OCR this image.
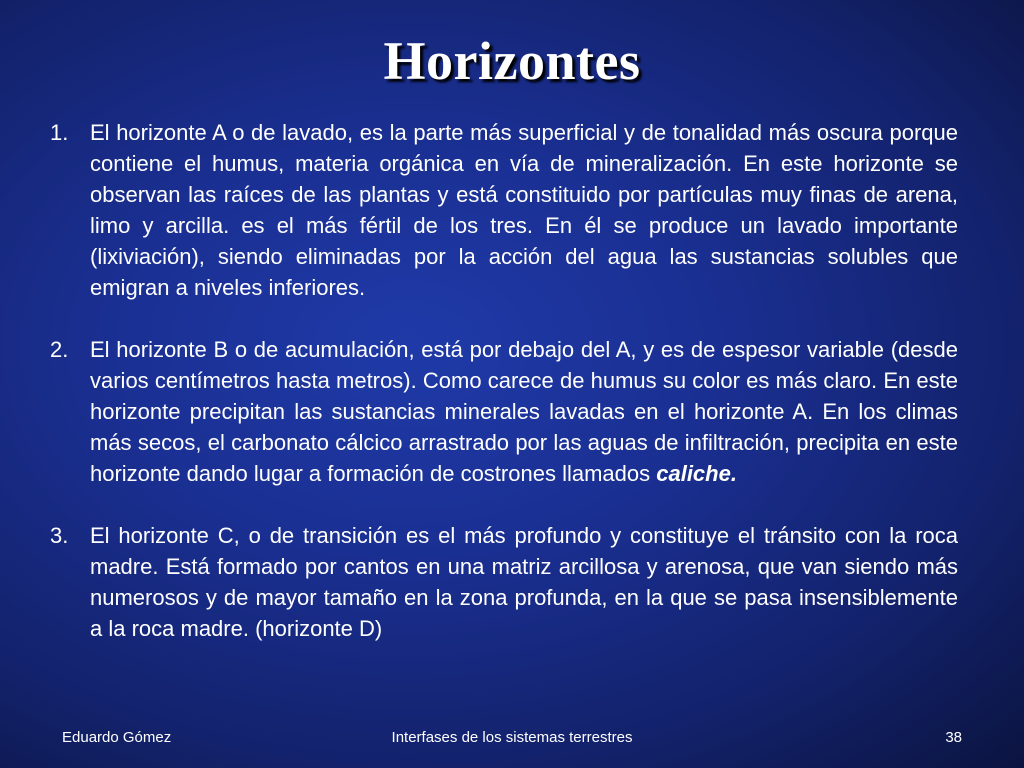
Horizontes
1. El horizonte A o de lavado, es la parte más superficial y de tonalidad más oscura porque contiene el humus, materia orgánica en vía de mineralización. En este horizonte se observan las raíces de las plantas y está constituido por partículas muy finas de arena, limo y arcilla. es el más fértil de los tres. En él se produce un lavado importante (lixiviación), siendo eliminadas por la acción del agua las sustancias solubles que emigran a niveles inferiores.
2. El horizonte B o de acumulación, está por debajo del A, y es de espesor variable (desde varios centímetros hasta metros). Como carece de humus su color es más claro. En este horizonte precipitan las sustancias minerales lavadas en el horizonte A. En los climas más secos, el carbonato cálcico arrastrado por las aguas de infiltración, precipita en este horizonte dando lugar a formación de costrones llamados caliche.
3. El horizonte C, o de transición es el más profundo y constituye el tránsito con la roca madre. Está formado por cantos en una matriz arcillosa y arenosa, que van siendo más numerosos y de mayor tamaño en la zona profunda, en la que se pasa insensiblemente a la roca madre. (horizonte D)
Eduardo Gómez	Interfases de los sistemas terrestres	38
